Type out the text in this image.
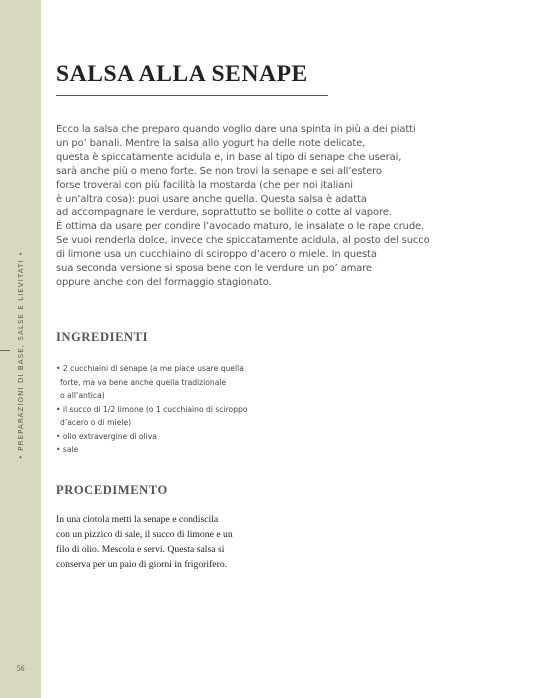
• PREPARAZIONI DI BASE, SALSE E LIEVITATI •
56
SALSA ALLA SENAPE
Ecco la salsa che preparo quando voglio dare una spinta in più a dei piatti
un po’ banali. Mentre la salsa allo yogurt ha delle note delicate,
questa è spiccatamente acidula e, in base al tipo di senape che userai,
sarà anche più o meno forte. Se non trovi la senape e sei all’estero
forse troverai con più facilità la mostarda (che per noi italiani
è un’altra cosa): puoi usare anche quella. Questa salsa è adatta
ad accompagnare le verdure, soprattutto se bollite o cotte al vapore.
È ottima da usare per condire l’avocado maturo, le insalate o le rape crude.
Se vuoi renderla dolce, invece che spiccatamente acidula, al posto del succo
di limone usa un cucchiaino di sciroppo d’acero o miele. In questa
sua seconda versione si sposa bene con le verdure un po’ amare
oppure anche con del formaggio stagionato.
INGREDIENTI
• 2 cucchiaini di senape (a me piace usare quella
forte, ma va bene anche quella tradizionale
o all’antica)
• il succo di 1/2 limone (o 1 cucchiaino di sciroppo
d’acero o di miele)
• olio extravergine di oliva
• sale
PROCEDIMENTO
In una ciotola metti la senape e condiscila
con un pizzico di sale, il succo di limone e un
filo di olio. Mescola e servi. Questa salsa si
conserva per un paio di giorni in frigorifero.
